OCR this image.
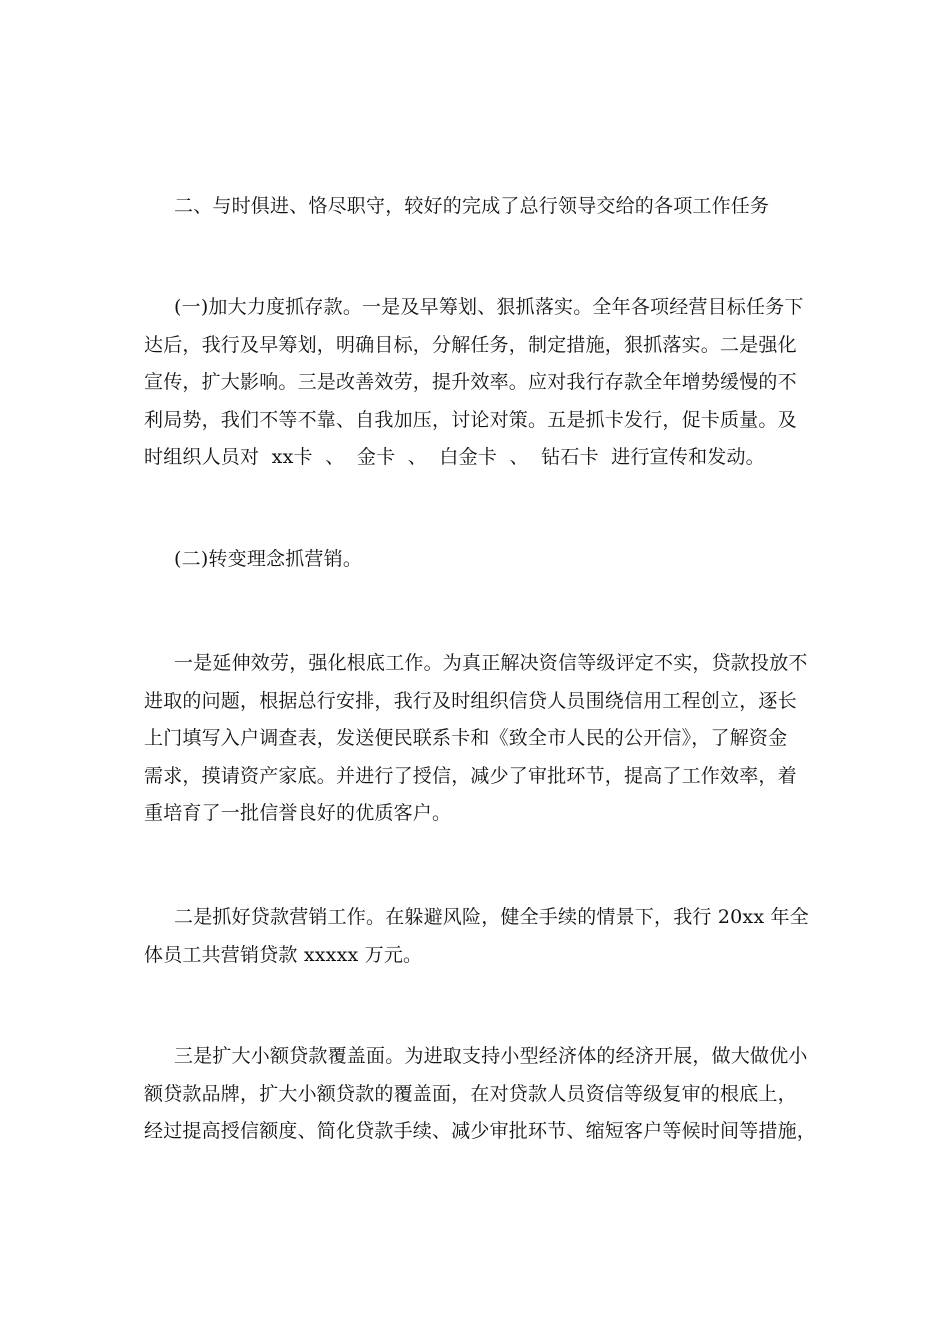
二、与时俱进、恪尽职守，较好的完成了总行领导交给的各项工作任务
(一)加大力度抓存款。一是及早筹划、狠抓落实。全年各项经营目标任务下
达后，我行及早筹划，明确目标，分解任务，制定措施，狠抓落实。二是强化
宣传，扩大影响。三是改善效劳，提升效率。应对我行存款全年增势缓慢的不
利局势，我们不等不靠、自我加压，讨论对策。五是抓卡发行，促卡质量。及
时组织人员对  xx卡  、  金卡  、  白金卡  、  钻石卡  进行宣传和发动。
(二)转变理念抓营销。
一是延伸效劳，强化根底工作。为真正解决资信等级评定不实，贷款投放不
进取的问题，根据总行安排，我行及时组织信贷人员围绕信用工程创立，逐长
上门填写入户调查表，发送便民联系卡和《致全市人民的公开信》，了解资金
需求，摸请资产家底。并进行了授信，减少了审批环节，提高了工作效率，着
重培育了一批信誉良好的优质客户。
二是抓好贷款营销工作。在躲避风险，健全手续的情景下，我行 20xx 年全
体员工共营销贷款 xxxxx 万元。
三是扩大小额贷款覆盖面。为进取支持小型经济体的经济开展，做大做优小
额贷款品牌，扩大小额贷款的覆盖面，在对贷款人员资信等级复审的根底上，
经过提高授信额度、简化贷款手续、减少审批环节、缩短客户等候时间等措施，
